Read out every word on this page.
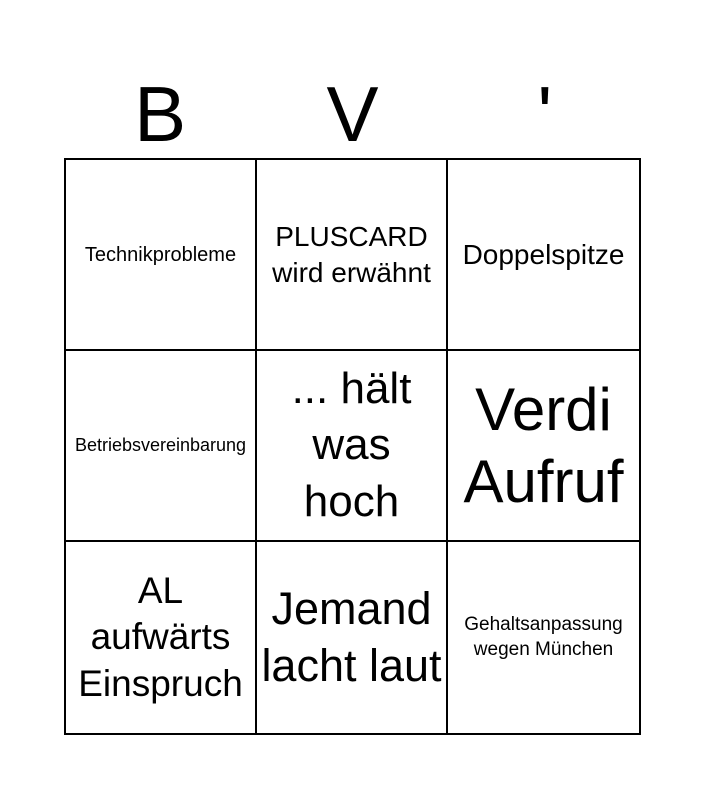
B	V	'
Technikprobleme
PLUSCARD wird erwähnt
Doppelspitze
Betriebsvereinbarung
... hält was hoch
Verdi Aufruf
AL aufwärts Einspruch
Jemand lacht laut
Gehaltsanpassung wegen München
